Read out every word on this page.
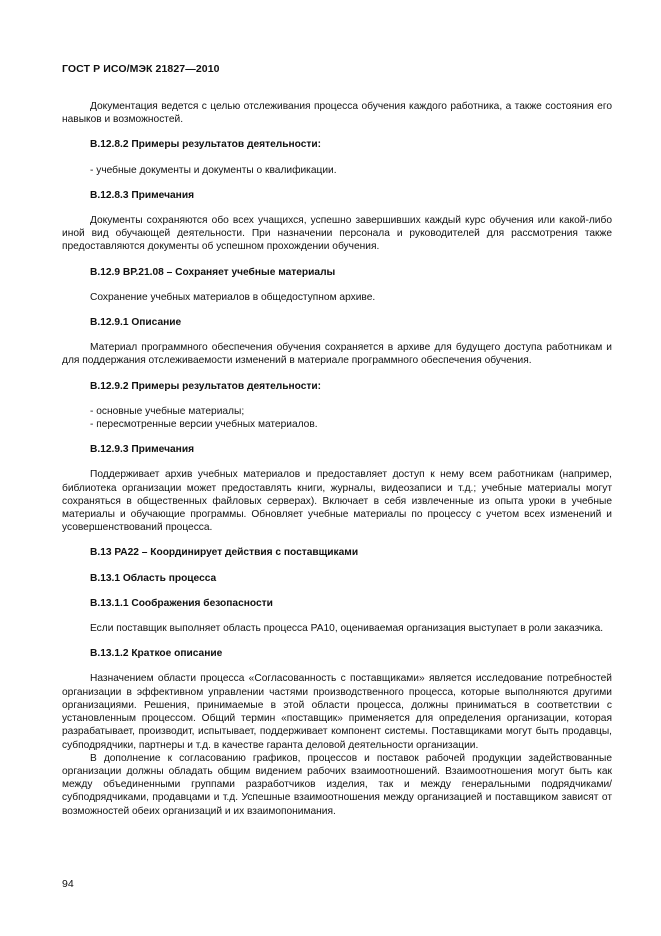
ГОСТ Р ИСО/МЭК 21827—2010

Документация ведется с целью отслеживания процесса обучения каждого работника, а также состояния его навыков и возможностей.

В.12.8.2 Примеры результатов деятельности:

- учебные документы и документы о квалификации.

В.12.8.3 Примечания

Документы сохраняются обо всех учащихся, успешно завершивших каждый курс обучения или какой-либо иной вид обучающей деятельности. При назначении персонала и руководителей для рассмотрения также предоставляются документы об успешном прохождении обучения.

В.12.9 ВР.21.08 – Сохраняет учебные материалы

Сохранение учебных материалов в общедоступном архиве.

В.12.9.1 Описание

Материал программного обеспечения обучения сохраняется в архиве для будущего доступа работникам и для поддержания отслеживаемости изменений в материале программного обеспечения обучения.

В.12.9.2 Примеры результатов деятельности:

- основные учебные материалы;
- пересмотренные версии учебных материалов.

В.12.9.3 Примечания

Поддерживает архив учебных материалов и предоставляет доступ к нему всем работникам (например, библиотека организации может предоставлять книги, журналы, видеозаписи и т.д.; учебные материалы могут сохраняться в общественных файловых серверах). Включает в себя извлеченные из опыта уроки в учебные материалы и обучающие программы. Обновляет учебные материалы по процессу с учетом всех изменений и усовершенствований процесса.

В.13 РА22 – Координирует действия с поставщиками

В.13.1 Область процесса

В.13.1.1 Соображения безопасности

Если поставщик выполняет область процесса РА10, оцениваемая организация выступает в роли заказчика.

В.13.1.2 Краткое описание

Назначением области процесса «Согласованность с поставщиками» является исследование потребностей организации в эффективном управлении частями производственного процесса, которые выполняются другими организациями. Решения, принимаемые в этой области процесса, должны приниматься в соответствии с установленным процессом. Общий термин «поставщик» применяется для определения организации, которая разрабатывает, производит, испытывает, поддерживает компонент системы. Поставщиками могут быть продавцы, субподрядчики, партнеры и т.д. в качестве гаранта деловой деятельности организации.

В дополнение к согласованию графиков, процессов и поставок рабочей продукции задействованные организации должны обладать общим видением рабочих взаимоотношений. Взаимоотношения могут быть как между объединенными группами разработчиков изделия, так и между генеральными подрядчиками/субподрядчиками, продавцами и т.д. Успешные взаимоотношения между организацией и поставщиком зависят от возможностей обеих организаций и их взаимопонимания.

94
